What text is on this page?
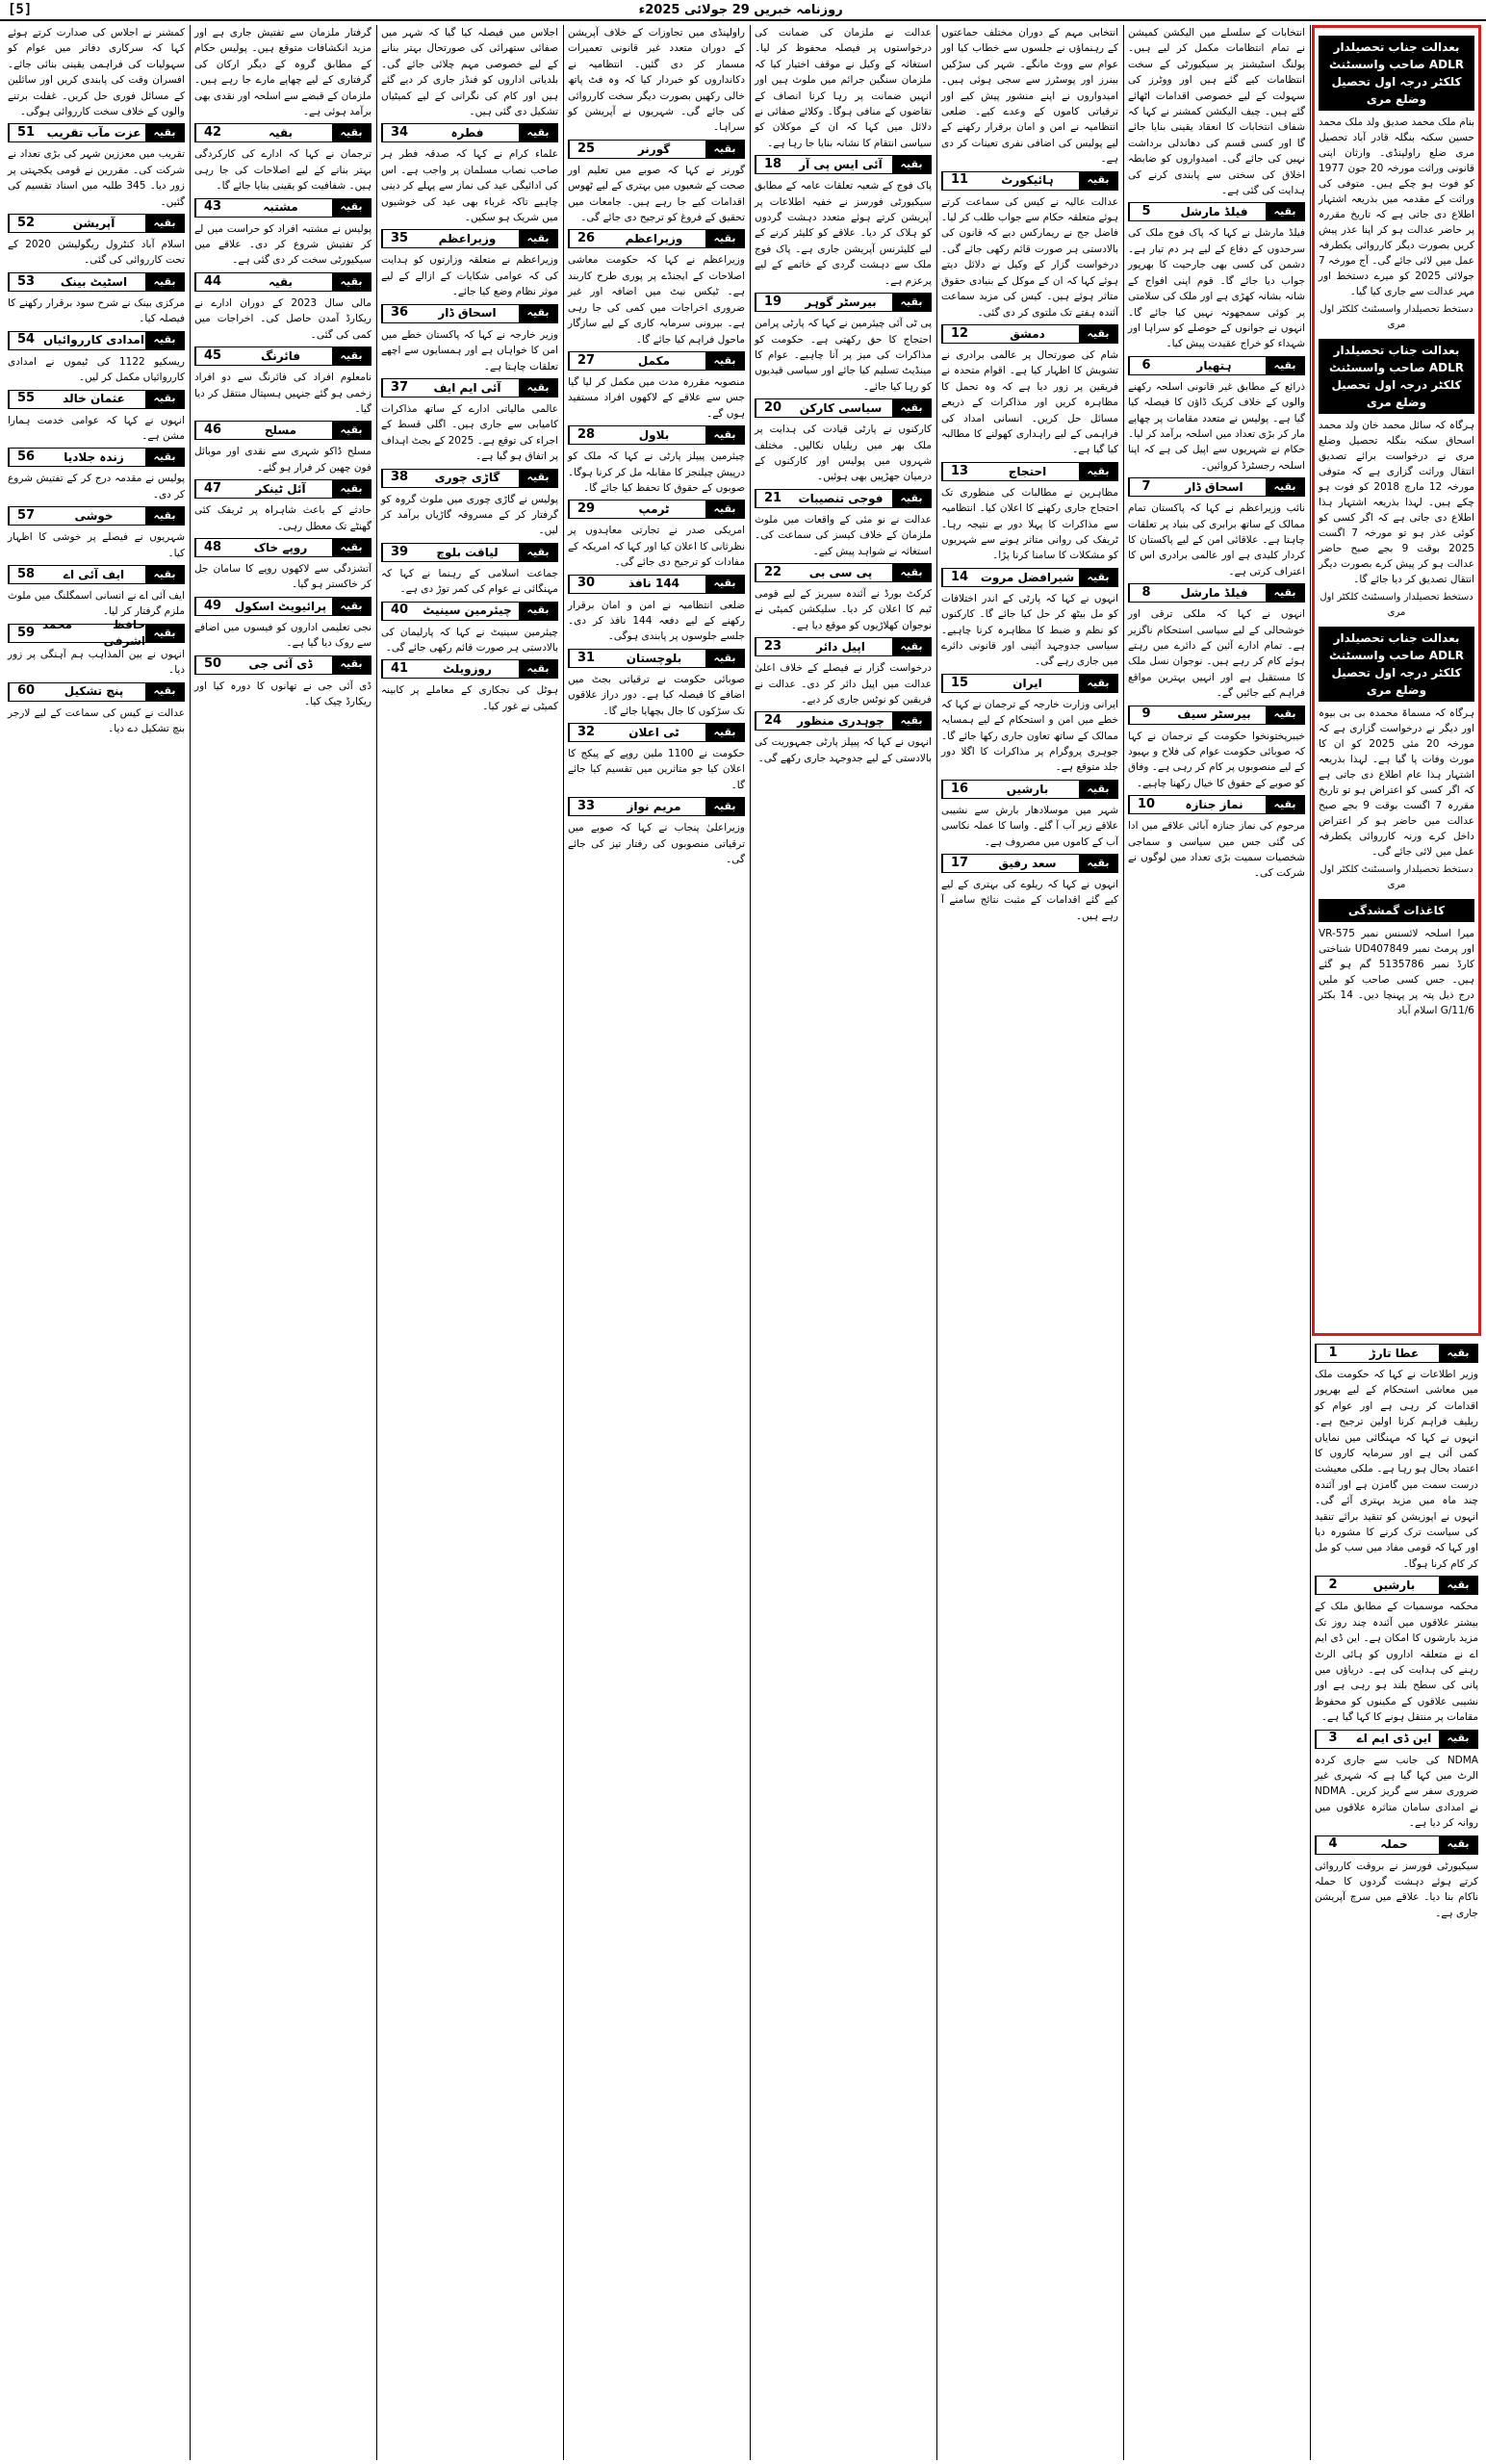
[5]	روزنامہ خبریں 29 جولائی 2025ء
بعدالت جناب تحصیلدار ADLR صاحب واسسٹنٹ کلکٹر درجہ اول تحصیل وضلع مری
بنام ملک محمد صدیق ولد ملک محمد حسین سکنہ بنگلہ قادر آباد تحصیل مری ضلع راولپنڈی۔ وارثان اپنی قانونی وراثت مورخہ 20 جون 1977 کو فوت ہو چکے ہیں۔ متوفی کی وراثت کے مقدمہ میں بذریعہ اشتہار اطلاع دی جاتی ہے کہ تاریخ مقررہ پر حاضر عدالت ہو کر اپنا عذر پیش کریں بصورت دیگر کارروائی یکطرفہ عمل میں لائی جائے گی۔ آج مورخہ 7 جولائی 2025 کو میرے دستخط اور مہر عدالت سے جاری کیا گیا۔
دستخط تحصیلدار واسسٹنٹ کلکٹر اول مری
بعدالت جناب تحصیلدار ADLR صاحب واسسٹنٹ کلکٹر درجہ اول تحصیل وضلع مری
ہرگاہ کہ سائل محمد خان ولد محمد اسحاق سکنہ بنگلہ تحصیل وضلع مری نے درخواست برائے تصدیق انتقال وراثت گزاری ہے کہ متوفی مورخہ 12 مارچ 2018 کو فوت ہو چکے ہیں۔ لہذا بذریعہ اشتہار ہذا اطلاع دی جاتی ہے کہ اگر کسی کو کوئی عذر ہو تو مورخہ 7 اگست 2025 بوقت 9 بجے صبح حاضر عدالت ہو کر پیش کرے بصورت دیگر انتقال تصدیق کر دیا جائے گا۔
دستخط تحصیلدار واسسٹنٹ کلکٹر اول مری
بعدالت جناب تحصیلدار ADLR صاحب واسسٹنٹ کلکٹر درجہ اول تحصیل وضلع مری
ہرگاہ کہ مسماۃ محمدہ بی بی بیوہ اور دیگر نے درخواست گزاری ہے کہ مورخہ 20 مئی 2025 کو ان کا مورث وفات پا گیا ہے۔ لہذا بذریعہ اشتہار ہذا عام اطلاع دی جاتی ہے کہ اگر کسی کو اعتراض ہو تو تاریخ مقررہ 7 اگست بوقت 9 بجے صبح عدالت میں حاضر ہو کر اعتراض داخل کرے ورنہ کارروائی یکطرفہ عمل میں لائی جائے گی۔
دستخط تحصیلدار واسسٹنٹ کلکٹر اول مری
کاغذات گمشدگی
میرا اسلحہ لائسنس نمبر VR-575 اور پرمٹ نمبر UD407849 شناختی کارڈ نمبر 5135786 گم ہو گئے ہیں۔ جس کسی صاحب کو ملیں درج ذیل پتہ پر پہنچا دیں۔ 14 بکٹر G/11/6 اسلام آباد
بقیہ
عطا تارڑ
1
وزیر اطلاعات نے کہا کہ حکومت ملک میں معاشی استحکام کے لیے بھرپور اقدامات کر رہی ہے اور عوام کو ریلیف فراہم کرنا اولین ترجیح ہے۔ انہوں نے کہا کہ مہنگائی میں نمایاں کمی آئی ہے اور سرمایہ کاروں کا اعتماد بحال ہو رہا ہے۔ ملکی معیشت درست سمت میں گامزن ہے اور آئندہ چند ماہ میں مزید بہتری آئے گی۔ انہوں نے اپوزیشن کو تنقید برائے تنقید کی سیاست ترک کرنے کا مشورہ دیا اور کہا کہ قومی مفاد میں سب کو مل کر کام کرنا ہوگا۔
بقیہ
بارشیں
2
محکمہ موسمیات کے مطابق ملک کے بیشتر علاقوں میں آئندہ چند روز تک مزید بارشوں کا امکان ہے۔ این ڈی ایم اے نے متعلقہ اداروں کو ہائی الرٹ رہنے کی ہدایت کی ہے۔ دریاؤں میں پانی کی سطح بلند ہو رہی ہے اور نشیبی علاقوں کے مکینوں کو محفوظ مقامات پر منتقل ہونے کا کہا گیا ہے۔
بقیہ
این ڈی ایم اے
3
NDMA کی جانب سے جاری کردہ الرٹ میں کہا گیا ہے کہ شہری غیر ضروری سفر سے گریز کریں۔ NDMA نے امدادی سامان متاثرہ علاقوں میں روانہ کر دیا ہے۔
بقیہ
حملہ
4
سیکیورٹی فورسز نے بروقت کارروائی کرتے ہوئے دہشت گردوں کا حملہ ناکام بنا دیا۔ علاقے میں سرچ آپریشن جاری ہے۔
انتخابات کے سلسلے میں الیکشن کمیشن نے تمام انتظامات مکمل کر لیے ہیں۔ پولنگ اسٹیشنز پر سیکیورٹی کے سخت انتظامات کیے گئے ہیں اور ووٹرز کی سہولت کے لیے خصوصی اقدامات اٹھائے گئے ہیں۔ چیف الیکشن کمشنر نے کہا کہ شفاف انتخابات کا انعقاد یقینی بنایا جائے گا اور کسی قسم کی دھاندلی برداشت نہیں کی جائے گی۔ امیدواروں کو ضابطہ اخلاق کی سختی سے پابندی کرنے کی ہدایت کی گئی ہے۔
بقیہ
فیلڈ مارشل
5
فیلڈ مارشل نے کہا کہ پاک فوج ملک کی سرحدوں کے دفاع کے لیے ہر دم تیار ہے۔ دشمن کی کسی بھی جارحیت کا بھرپور جواب دیا جائے گا۔ قوم اپنی افواج کے شانہ بشانہ کھڑی ہے اور ملک کی سلامتی پر کوئی سمجھوتہ نہیں کیا جائے گا۔ انہوں نے جوانوں کے حوصلے کو سراہا اور شہداء کو خراج عقیدت پیش کیا۔
بقیہ
ہتھیار
6
ذرائع کے مطابق غیر قانونی اسلحہ رکھنے والوں کے خلاف کریک ڈاؤن کا فیصلہ کیا گیا ہے۔ پولیس نے متعدد مقامات پر چھاپے مار کر بڑی تعداد میں اسلحہ برآمد کر لیا۔ حکام نے شہریوں سے اپیل کی ہے کہ اپنا اسلحہ رجسٹرڈ کروائیں۔
بقیہ
اسحاق ڈار
7
نائب وزیراعظم نے کہا کہ پاکستان تمام ممالک کے ساتھ برابری کی بنیاد پر تعلقات چاہتا ہے۔ علاقائی امن کے لیے پاکستان کا کردار کلیدی ہے اور عالمی برادری اس کا اعتراف کرتی ہے۔
بقیہ
فیلڈ مارشل
8
انہوں نے کہا کہ ملکی ترقی اور خوشحالی کے لیے سیاسی استحکام ناگزیر ہے۔ تمام ادارے آئین کے دائرے میں رہتے ہوئے کام کر رہے ہیں۔ نوجوان نسل ملک کا مستقبل ہے اور انہیں بہترین مواقع فراہم کیے جائیں گے۔
بقیہ
بیرسٹر سیف
9
خیبرپختونخوا حکومت کے ترجمان نے کہا کہ صوبائی حکومت عوام کی فلاح و بہبود کے لیے منصوبوں پر کام کر رہی ہے۔ وفاق کو صوبے کے حقوق کا خیال رکھنا چاہیے۔
بقیہ
نماز جنازہ
10
مرحوم کی نماز جنازہ آبائی علاقے میں ادا کی گئی جس میں سیاسی و سماجی شخصیات سمیت بڑی تعداد میں لوگوں نے شرکت کی۔
انتخابی مہم کے دوران مختلف جماعتوں کے رہنماؤں نے جلسوں سے خطاب کیا اور عوام سے ووٹ مانگے۔ شہر کی سڑکیں بینرز اور پوسٹرز سے سجی ہوئی ہیں۔ امیدواروں نے اپنے منشور پیش کیے اور ترقیاتی کاموں کے وعدے کیے۔ ضلعی انتظامیہ نے امن و امان برقرار رکھنے کے لیے پولیس کی اضافی نفری تعینات کر دی ہے۔
بقیہ
ہائیکورٹ
11
عدالت عالیہ نے کیس کی سماعت کرتے ہوئے متعلقہ حکام سے جواب طلب کر لیا۔ فاضل جج نے ریمارکس دیے کہ قانون کی بالادستی ہر صورت قائم رکھی جائے گی۔ درخواست گزار کے وکیل نے دلائل دیتے ہوئے کہا کہ ان کے موکل کے بنیادی حقوق متاثر ہوئے ہیں۔ کیس کی مزید سماعت آئندہ ہفتے تک ملتوی کر دی گئی۔
بقیہ
دمشق
12
شام کی صورتحال پر عالمی برادری نے تشویش کا اظہار کیا ہے۔ اقوام متحدہ نے فریقین پر زور دیا ہے کہ وہ تحمل کا مظاہرہ کریں اور مذاکرات کے ذریعے مسائل حل کریں۔ انسانی امداد کی فراہمی کے لیے راہداری کھولنے کا مطالبہ کیا گیا ہے۔
بقیہ
احتجاج
13
مظاہرین نے مطالبات کی منظوری تک احتجاج جاری رکھنے کا اعلان کیا۔ انتظامیہ سے مذاکرات کا پہلا دور بے نتیجہ رہا۔ ٹریفک کی روانی متاثر ہونے سے شہریوں کو مشکلات کا سامنا کرنا پڑا۔
بقیہ
شیرافضل مروت
14
انہوں نے کہا کہ پارٹی کے اندر اختلافات کو مل بیٹھ کر حل کیا جائے گا۔ کارکنوں کو نظم و ضبط کا مظاہرہ کرنا چاہیے۔ سیاسی جدوجہد آئینی اور قانونی دائرے میں جاری رہے گی۔
بقیہ
ایران
15
ایرانی وزارت خارجہ کے ترجمان نے کہا کہ خطے میں امن و استحکام کے لیے ہمسایہ ممالک کے ساتھ تعاون جاری رکھا جائے گا۔ جوہری پروگرام پر مذاکرات کا اگلا دور جلد متوقع ہے۔
بقیہ
بارشیں
16
شہر میں موسلادھار بارش سے نشیبی علاقے زیر آب آ گئے۔ واسا کا عملہ نکاسی آب کے کاموں میں مصروف ہے۔
بقیہ
سعد رفیق
17
انہوں نے کہا کہ ریلوے کی بہتری کے لیے کیے گئے اقدامات کے مثبت نتائج سامنے آ رہے ہیں۔
عدالت نے ملزمان کی ضمانت کی درخواستوں پر فیصلہ محفوظ کر لیا۔ استغاثہ کے وکیل نے موقف اختیار کیا کہ ملزمان سنگین جرائم میں ملوث ہیں اور انہیں ضمانت پر رہا کرنا انصاف کے تقاضوں کے منافی ہوگا۔ وکلائے صفائی نے دلائل میں کہا کہ ان کے موکلان کو سیاسی انتقام کا نشانہ بنایا جا رہا ہے۔
بقیہ
آئی ایس پی آر
18
پاک فوج کے شعبہ تعلقات عامہ کے مطابق سیکیورٹی فورسز نے خفیہ اطلاعات پر آپریشن کرتے ہوئے متعدد دہشت گردوں کو ہلاک کر دیا۔ علاقے کو کلیئر کرنے کے لیے کلیئرنس آپریشن جاری ہے۔ پاک فوج ملک سے دہشت گردی کے خاتمے کے لیے پرعزم ہے۔
بقیہ
بیرسٹر گوہر
19
پی ٹی آئی چیئرمین نے کہا کہ پارٹی پرامن احتجاج کا حق رکھتی ہے۔ حکومت کو مذاکرات کی میز پر آنا چاہیے۔ عوام کا مینڈیٹ تسلیم کیا جائے اور سیاسی قیدیوں کو رہا کیا جائے۔
بقیہ
سیاسی کارکن
20
کارکنوں نے پارٹی قیادت کی ہدایت پر ملک بھر میں ریلیاں نکالیں۔ مختلف شہروں میں پولیس اور کارکنوں کے درمیان جھڑپیں بھی ہوئیں۔
بقیہ
فوجی تنصیبات
21
عدالت نے نو مئی کے واقعات میں ملوث ملزمان کے خلاف کیسز کی سماعت کی۔ استغاثہ نے شواہد پیش کیے۔
بقیہ
پی سی بی
22
کرکٹ بورڈ نے آئندہ سیریز کے لیے قومی ٹیم کا اعلان کر دیا۔ سلیکشن کمیٹی نے نوجوان کھلاڑیوں کو موقع دیا ہے۔
بقیہ
اپیل دائر
23
درخواست گزار نے فیصلے کے خلاف اعلیٰ عدالت میں اپیل دائر کر دی۔ عدالت نے فریقین کو نوٹس جاری کر دیے۔
بقیہ
چوہدری منظور
24
انہوں نے کہا کہ پیپلز پارٹی جمہوریت کی بالادستی کے لیے جدوجہد جاری رکھے گی۔
راولپنڈی میں تجاوزات کے خلاف آپریشن کے دوران متعدد غیر قانونی تعمیرات مسمار کر دی گئیں۔ انتظامیہ نے دکانداروں کو خبردار کیا کہ وہ فٹ پاتھ خالی رکھیں بصورت دیگر سخت کارروائی کی جائے گی۔ شہریوں نے آپریشن کو سراہا۔
بقیہ
گورنر
25
گورنر نے کہا کہ صوبے میں تعلیم اور صحت کے شعبوں میں بہتری کے لیے ٹھوس اقدامات کیے جا رہے ہیں۔ جامعات میں تحقیق کے فروغ کو ترجیح دی جائے گی۔
بقیہ
وزیراعظم
26
وزیراعظم نے کہا کہ حکومت معاشی اصلاحات کے ایجنڈے پر پوری طرح کاربند ہے۔ ٹیکس نیٹ میں اضافہ اور غیر ضروری اخراجات میں کمی کی جا رہی ہے۔ بیرونی سرمایہ کاری کے لیے سازگار ماحول فراہم کیا جائے گا۔
بقیہ
مکمل
27
منصوبہ مقررہ مدت میں مکمل کر لیا گیا جس سے علاقے کے لاکھوں افراد مستفید ہوں گے۔
بقیہ
بلاول
28
چیئرمین پیپلز پارٹی نے کہا کہ ملک کو درپیش چیلنجز کا مقابلہ مل کر کرنا ہوگا۔ صوبوں کے حقوق کا تحفظ کیا جائے گا۔
بقیہ
ٹرمپ
29
امریکی صدر نے تجارتی معاہدوں پر نظرثانی کا اعلان کیا اور کہا کہ امریکہ کے مفادات کو ترجیح دی جائے گی۔
بقیہ
144 نافذ
30
ضلعی انتظامیہ نے امن و امان برقرار رکھنے کے لیے دفعہ 144 نافذ کر دی۔ جلسے جلوسوں پر پابندی ہوگی۔
بقیہ
بلوچستان
31
صوبائی حکومت نے ترقیاتی بجٹ میں اضافے کا فیصلہ کیا ہے۔ دور دراز علاقوں تک سڑکوں کا جال بچھایا جائے گا۔
بقیہ
ٹی اعلان
32
حکومت نے 1100 ملین روپے کے پیکج کا اعلان کیا جو متاثرین میں تقسیم کیا جائے گا۔
بقیہ
مریم نواز
33
وزیراعلیٰ پنجاب نے کہا کہ صوبے میں ترقیاتی منصوبوں کی رفتار تیز کی جائے گی۔
اجلاس میں فیصلہ کیا گیا کہ شہر میں صفائی ستھرائی کی صورتحال بہتر بنانے کے لیے خصوصی مہم چلائی جائے گی۔ بلدیاتی اداروں کو فنڈز جاری کر دیے گئے ہیں اور کام کی نگرانی کے لیے کمیٹیاں تشکیل دی گئی ہیں۔
بقیہ
فطرہ
34
علماء کرام نے کہا کہ صدقہ فطر ہر صاحب نصاب مسلمان پر واجب ہے۔ اس کی ادائیگی عید کی نماز سے پہلے کر دینی چاہیے تاکہ غرباء بھی عید کی خوشیوں میں شریک ہو سکیں۔
بقیہ
وزیراعظم
35
وزیراعظم نے متعلقہ وزارتوں کو ہدایت کی کہ عوامی شکایات کے ازالے کے لیے موثر نظام وضع کیا جائے۔
بقیہ
اسحاق ڈار
36
وزیر خارجہ نے کہا کہ پاکستان خطے میں امن کا خواہاں ہے اور ہمسایوں سے اچھے تعلقات چاہتا ہے۔
بقیہ
آئی ایم ایف
37
عالمی مالیاتی ادارے کے ساتھ مذاکرات کامیابی سے جاری ہیں۔ اگلی قسط کے اجراء کی توقع ہے۔ 2025 کے بجٹ اہداف پر اتفاق ہو گیا ہے۔
بقیہ
گاڑی چوری
38
پولیس نے گاڑی چوری میں ملوث گروہ کو گرفتار کر کے مسروقہ گاڑیاں برآمد کر لیں۔
بقیہ
لیاقت بلوچ
39
جماعت اسلامی کے رہنما نے کہا کہ مہنگائی نے عوام کی کمر توڑ دی ہے۔
بقیہ
چیئرمین سینیٹ
40
چیئرمین سینیٹ نے کہا کہ پارلیمان کی بالادستی ہر صورت قائم رکھی جائے گی۔
بقیہ
روزویلٹ
41
ہوٹل کی نجکاری کے معاملے پر کابینہ کمیٹی نے غور کیا۔
گرفتار ملزمان سے تفتیش جاری ہے اور مزید انکشافات متوقع ہیں۔ پولیس حکام کے مطابق گروہ کے دیگر ارکان کی گرفتاری کے لیے چھاپے مارے جا رہے ہیں۔ ملزمان کے قبضے سے اسلحہ اور نقدی بھی برآمد ہوئی ہے۔
بقیہ
بقیہ
42
ترجمان نے کہا کہ ادارے کی کارکردگی بہتر بنانے کے لیے اصلاحات کی جا رہی ہیں۔ شفافیت کو یقینی بنایا جائے گا۔
بقیہ
مشتبہ
43
پولیس نے مشتبہ افراد کو حراست میں لے کر تفتیش شروع کر دی۔ علاقے میں سیکیورٹی سخت کر دی گئی ہے۔
بقیہ
بقیہ
44
مالی سال 2023 کے دوران ادارے نے ریکارڈ آمدن حاصل کی۔ اخراجات میں کمی کی گئی۔
بقیہ
فائرنگ
45
نامعلوم افراد کی فائرنگ سے دو افراد زخمی ہو گئے جنہیں ہسپتال منتقل کر دیا گیا۔
بقیہ
مسلح
46
مسلح ڈاکو شہری سے نقدی اور موبائل فون چھین کر فرار ہو گئے۔
بقیہ
آئل ٹینکر
47
حادثے کے باعث شاہراہ پر ٹریفک کئی گھنٹے تک معطل رہی۔
بقیہ
روپے خاک
48
آتشزدگی سے لاکھوں روپے کا سامان جل کر خاکستر ہو گیا۔
بقیہ
پرائیویٹ اسکول
49
نجی تعلیمی اداروں کو فیسوں میں اضافے سے روک دیا گیا ہے۔
بقیہ
ڈی آئی جی
50
ڈی آئی جی نے تھانوں کا دورہ کیا اور ریکارڈ چیک کیا۔
کمشنر نے اجلاس کی صدارت کرتے ہوئے کہا کہ سرکاری دفاتر میں عوام کو سہولیات کی فراہمی یقینی بنائی جائے۔ افسران وقت کی پابندی کریں اور سائلین کے مسائل فوری حل کریں۔ غفلت برتنے والوں کے خلاف سخت کارروائی ہوگی۔
بقیہ
عزت مآب تقریب
51
تقریب میں معززین شہر کی بڑی تعداد نے شرکت کی۔ مقررین نے قومی یکجہتی پر زور دیا۔ 345 طلبہ میں اسناد تقسیم کی گئیں۔
بقیہ
آپریشن
52
اسلام آباد کنٹرول ریگولیشن 2020 کے تحت کارروائی کی گئی۔
بقیہ
اسٹیٹ بینک
53
مرکزی بینک نے شرح سود برقرار رکھنے کا فیصلہ کیا۔
بقیہ
امدادی کارروائیاں
54
ریسکیو 1122 کی ٹیموں نے امدادی کارروائیاں مکمل کر لیں۔
بقیہ
عثمان خالد
55
انہوں نے کہا کہ عوامی خدمت ہمارا مشن ہے۔
بقیہ
زندہ جلادیا
56
پولیس نے مقدمہ درج کر کے تفتیش شروع کر دی۔
بقیہ
خوشی
57
شہریوں نے فیصلے پر خوشی کا اظہار کیا۔
بقیہ
ایف آئی اے
58
ایف آئی اے نے انسانی اسمگلنگ میں ملوث ملزم گرفتار کر لیا۔
بقیہ
حافظ محمد اشرفی
59
انہوں نے بین المذاہب ہم آہنگی پر زور دیا۔
بقیہ
پنچ تشکیل
60
عدالت نے کیس کی سماعت کے لیے لارجر بنچ تشکیل دے دیا۔
